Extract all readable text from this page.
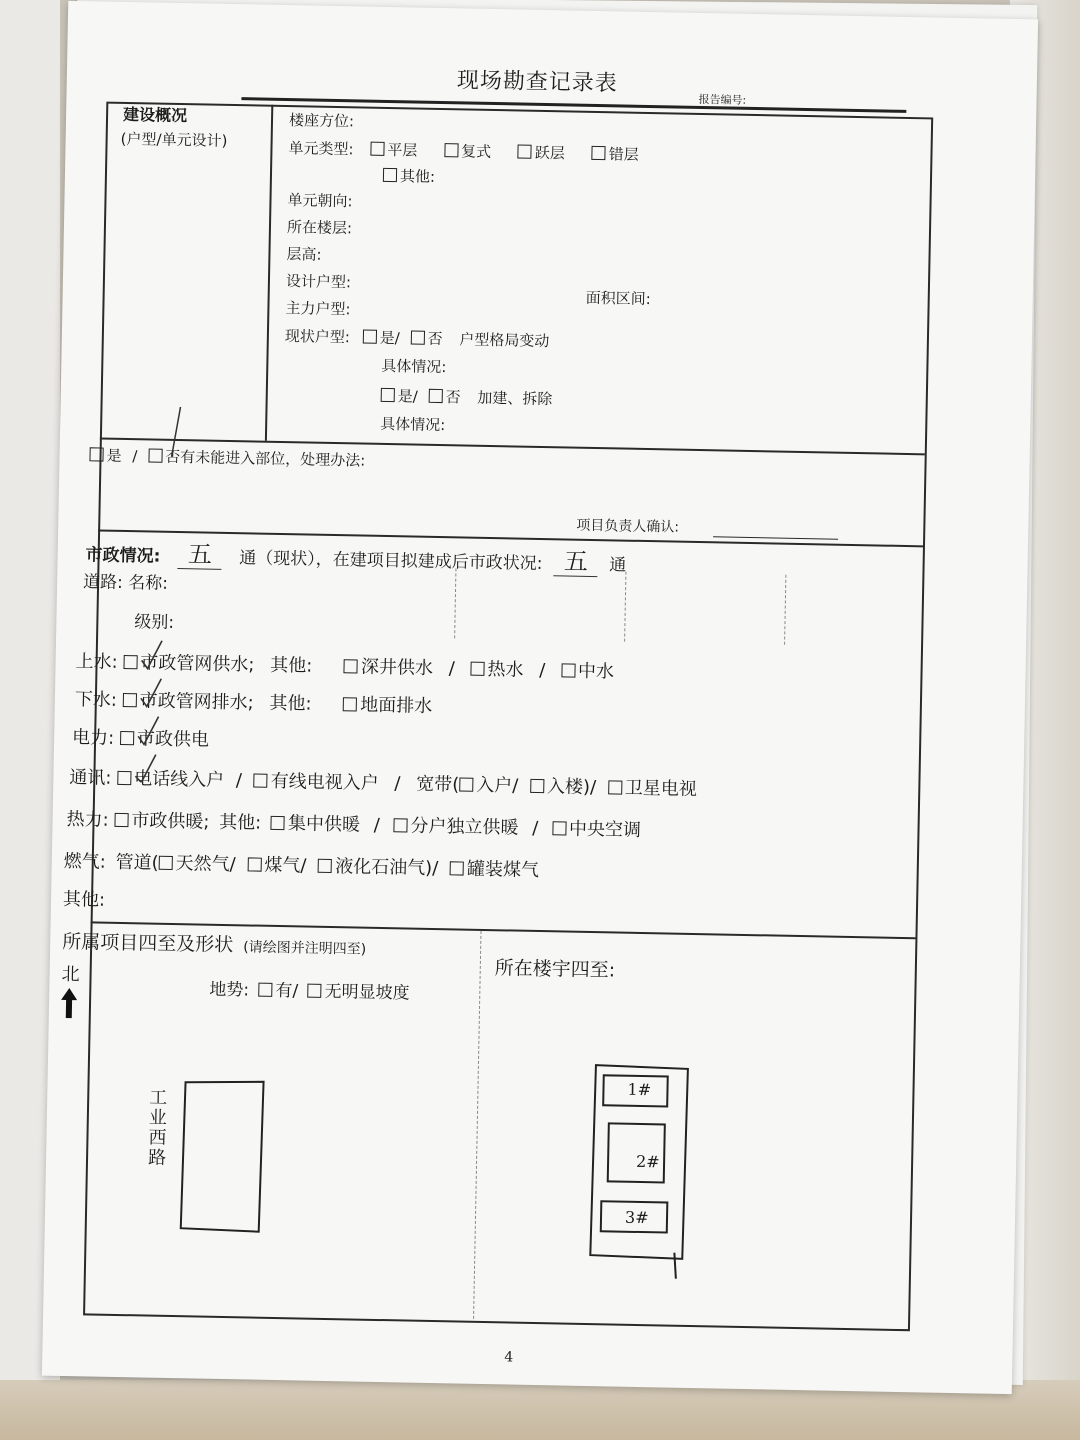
现场勘查记录表
报告编号:
建设概况
(户型/单元设计)
楼座方位:
单元类型: 平层	复式	跃层	错层
其他:
单元朝向:
所在楼层:
层高:
设计户型:
面积区间:
主力户型:
现状户型: 是/ 否 户型格局变动
具体情况:
是/ 否 加建、拆除
具体情况:
是 / 否有未能进入部位，处理办法:
项目负责人确认:
市政情况: 五 通（现状），在建项目拟建成后市政状况: 五 通
道路: 名称:
级别:
上水: 市政管网供水; 其他:	深井供水 / 热水 / 中水
下水: 市政管网排水; 其他:	地面排水
电力: 市政供电
通讯: 电话线入户 / 有线电视入户 / 宽带( 入户/ 入楼)/ 卫星电视
热力: 市政供暖; 其他: 集中供暖 / 分户独立供暖 / 中央空调
燃气: 管道( 天然气/ 煤气/ 液化石油气)/ 罐装煤气
其他:
所属项目四至及形状 (请绘图并注明四至)
北
地势: 有/ 无明显坡度
工业西路
所在楼宇四至:
1#
2#
3#
4
